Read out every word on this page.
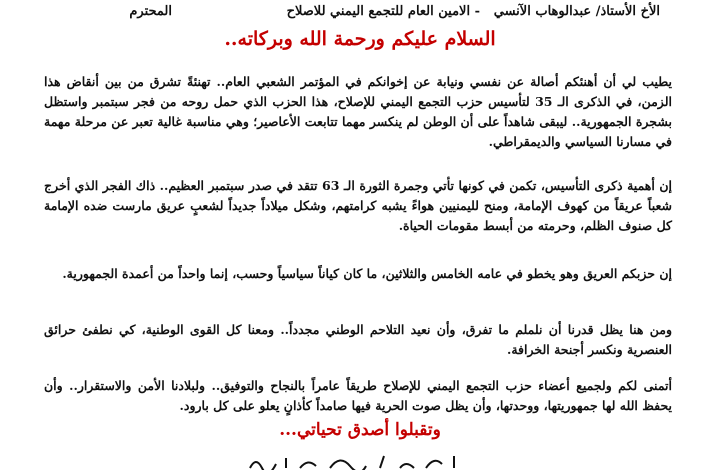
الأخ الأستاذ/ عبدالوهاب الآنسي
- الامين العام للتجمع اليمني للاصلاح
المحترم
السلام عليكم ورحمة الله وبركاته..

يطيب لي أن أهنئكم أصالة عن نفسي ونيابة عن إخوانكم في المؤتمر الشعبي العام.. تهنئةً تشرق من بين أنقاض هذا الزمن، في الذكرى الـ 35 لتأسيس حزب التجمع اليمني للإصلاح، هذا الحزب الذي حمل روحه من فجر سبتمبر واستظل بشجرة الجمهورية.. ليبقى شاهداً على أن الوطن لم ينكسر مهما تتابعت الأعاصير؛ وهي مناسبة غالية تعبر عن مرحلة مهمة في مسارنا السياسي والديمقراطي.

إن أهمية ذكرى التأسيس، تكمن في كونها تأتي وجمرة الثورة الـ 63 تتقد في صدر سبتمبر العظيم.. ذاك الفجر الذي أخرج شعباً عريقاً من كهوف الإمامة، ومنح لليمنيين هواءً يشبه كرامتهم، وشكل ميلاداً جديداً لشعبٍ عريق مارست ضده الإمامة كل صنوف الظلم، وحرمته من أبسط مقومات الحياة.

إن حزبكم العريق وهو يخطو في عامه الخامس والثلاثين، ما كان كياناً سياسياً وحسب، إنما واحداً من أعمدة الجمهورية.

ومن هنا يظل قدرنا أن نلملم ما تفرق، وأن نعيد التلاحم الوطني مجدداً.. ومعنا كل القوى الوطنية، كي نطفئ حرائق العنصرية ونكسر أجنحة الخرافة.

أتمنى لكم ولجميع أعضاء حزب التجمع اليمني للإصلاح طريقاً عامراً بالنجاح والتوفيق.. ولبلادنا الأمن والاستقرار.. وأن يحفظ الله لها جمهوريتها، ووحدتها، وأن يظل صوت الحرية فيها صامداً كأذانٍ يعلو على كل بارود.

وتقبلوا أصدق تحياتي...
